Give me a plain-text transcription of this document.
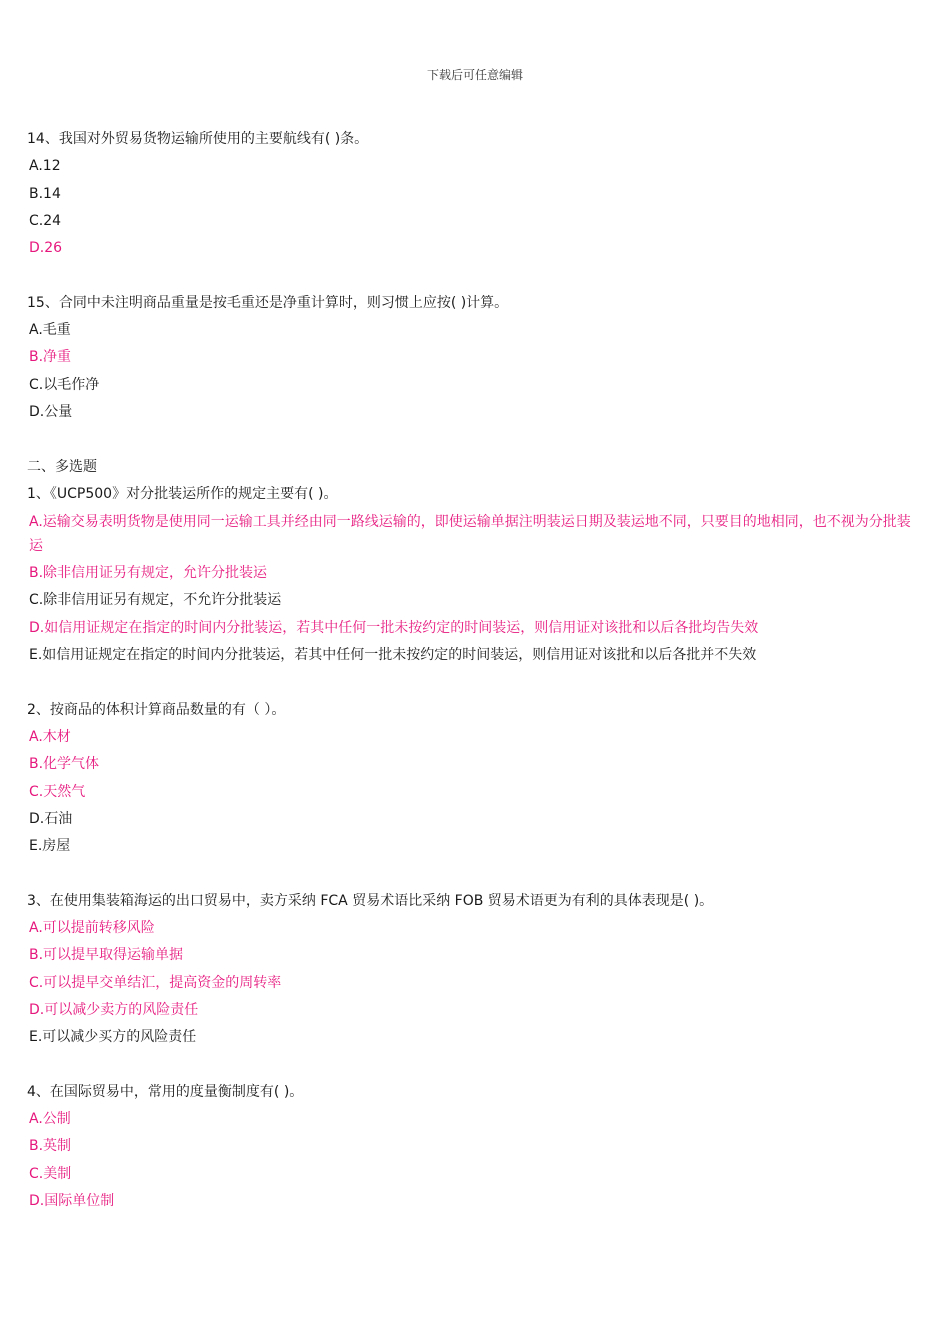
下载后可任意编辑
14、我国对外贸易货物运输所使用的主要航线有( )条。
A.12
B.14
C.24
D.26
15、合同中未注明商品重量是按毛重还是净重计算时，则习惯上应按( )计算。
A.毛重
B.净重
C.以毛作净
D.公量
二、多选题
1、《UCP500》对分批装运所作的规定主要有( )。
A.运输交易表明货物是使用同一运输工具并经由同一路线运输的，即使运输单据注明装运日期及装运地不同，只要目的地相同，也不视为分批装运
B.除非信用证另有规定，允许分批装运
C.除非信用证另有规定，不允许分批装运
D.如信用证规定在指定的时间内分批装运，若其中任何一批未按约定的时间装运，则信用证对该批和以后各批均告失效
E.如信用证规定在指定的时间内分批装运，若其中任何一批未按约定的时间装运，则信用证对该批和以后各批并不失效
2、按商品的体积计算商品数量的有（ ）。
A.木材
B.化学气体
C.天然气
D.石油
E.房屋
3、在使用集装箱海运的出口贸易中，卖方采纳 FCA 贸易术语比采纳 FOB 贸易术语更为有利的具体表现是( )。
A.可以提前转移风险
B.可以提早取得运输单据
C.可以提早交单结汇，提高资金的周转率
D.可以减少卖方的风险责任
E.可以减少买方的风险责任
4、在国际贸易中，常用的度量衡制度有( )。
A.公制
B.英制
C.美制
D.国际单位制
